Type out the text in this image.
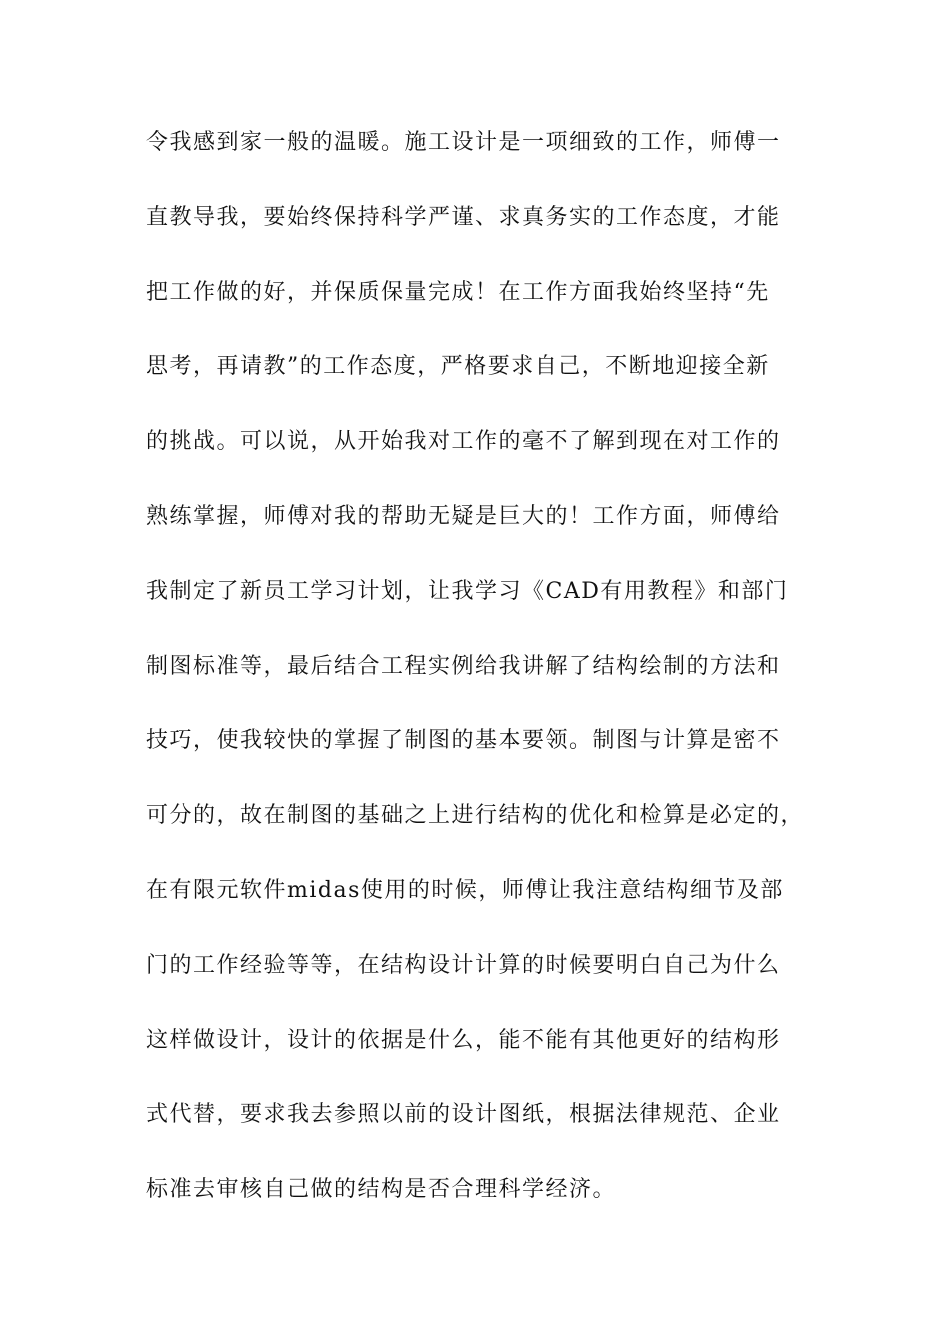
令我感到家一般的温暖。施工设计是一项细致的工作，师傅一
直教导我，要始终保持科学严谨、求真务实的工作态度，才能
把工作做的好，并保质保量完成！在工作方面我始终坚持“先
思考，再请教”的工作态度，严格要求自己，不断地迎接全新
的挑战。可以说，从开始我对工作的毫不了解到现在对工作的
熟练掌握，师傅对我的帮助无疑是巨大的！工作方面，师傅给
我制定了新员工学习计划，让我学习《CAD有用教程》和部门
制图标准等，最后结合工程实例给我讲解了结构绘制的方法和
技巧，使我较快的掌握了制图的基本要领。制图与计算是密不
可分的，故在制图的基础之上进行结构的优化和检算是必定的，
在有限元软件midas使用的时候，师傅让我注意结构细节及部
门的工作经验等等，在结构设计计算的时候要明白自己为什么
这样做设计，设计的依据是什么，能不能有其他更好的结构形
式代替，要求我去参照以前的设计图纸，根据法律规范、企业
标准去审核自己做的结构是否合理科学经济。
